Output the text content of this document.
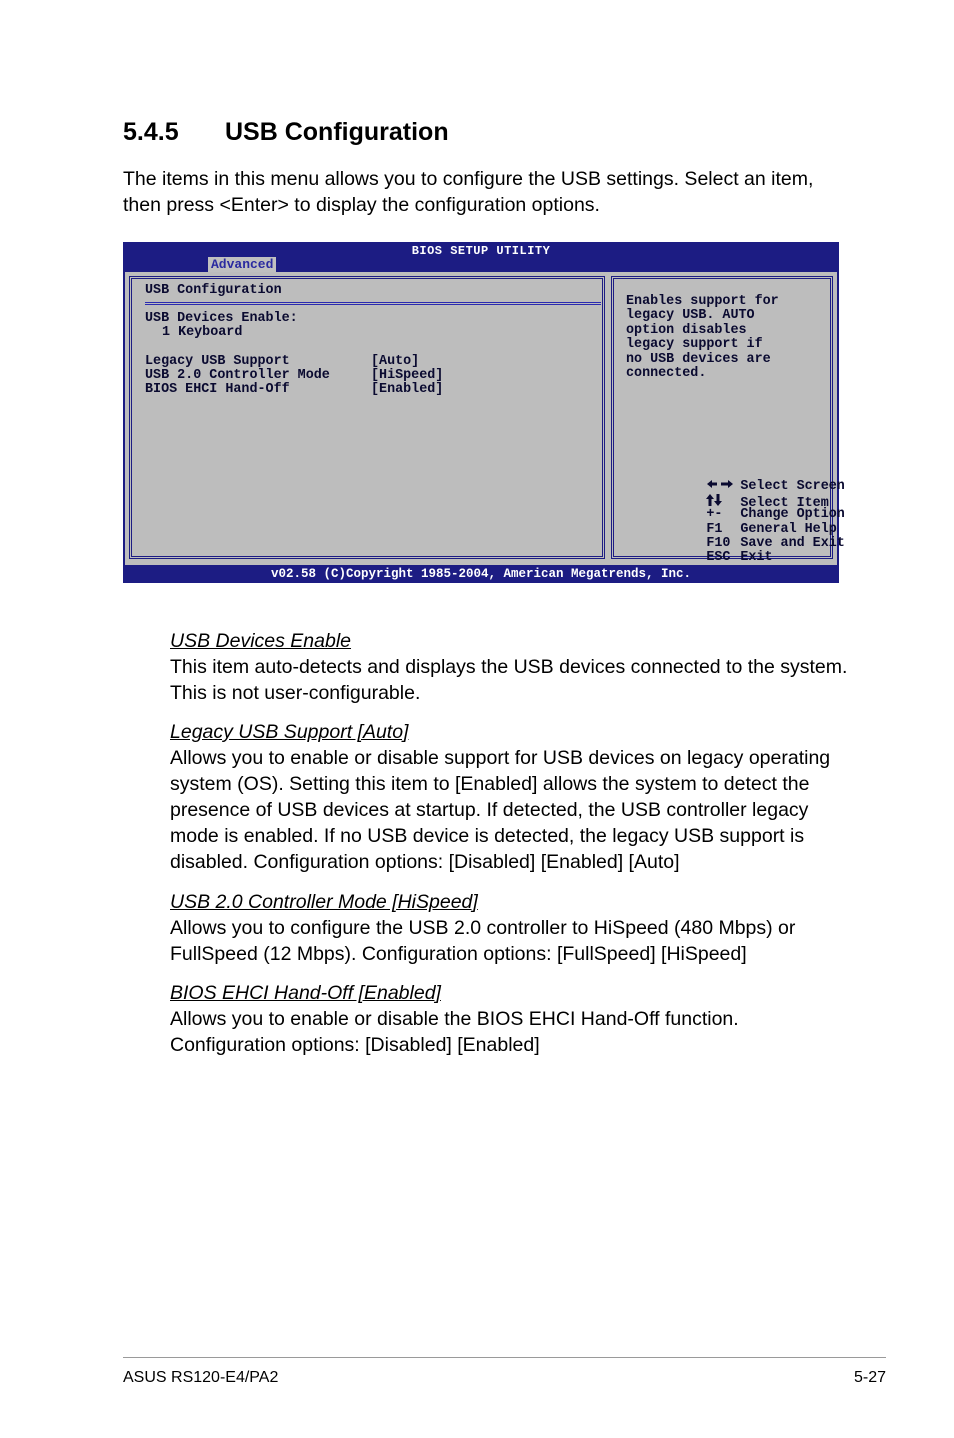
5.4.5 USB Configuration
The items in this menu allows you to configure the USB settings. Select an item, then press <Enter> to display the configuration options.
BIOS SETUP UTILITY
Advanced
USB Configuration
USB Devices Enable:
1 Keyboard
Legacy USB Support	[Auto]
USB 2.0 Controller Mode	[HiSpeed]
BIOS EHCI Hand-Off	[Enabled]
Enables support for
legacy USB. AUTO
option disables
legacy support if
no USB devices are
connected.

Select Screen

Select Item

+- Change Option

F1 General Help

F10 Save and Exit

ESC Exit

v02.58 (C)Copyright 1985-2004, American Megatrends, Inc.
USB Devices Enable
This item auto-detects and displays the USB devices connected to the system. This is not user-configurable.
Legacy USB Support [Auto]
Allows you to enable or disable support for USB devices on legacy operating system (OS). Setting this item to [Enabled] allows the system to detect the presence of USB devices at startup. If detected, the USB controller legacy mode is enabled. If no USB device is detected, the legacy USB support is disabled. Configuration options: [Disabled] [Enabled] [Auto]
USB 2.0 Controller Mode [HiSpeed]
Allows you to configure the USB 2.0 controller to HiSpeed (480 Mbps) or FullSpeed (12 Mbps). Configuration options: [FullSpeed] [HiSpeed]
BIOS EHCI Hand-Off [Enabled]
Allows you to enable or disable the BIOS EHCI Hand-Off function. Configuration options: [Disabled] [Enabled]
ASUS RS120-E4/PA2	5-27
